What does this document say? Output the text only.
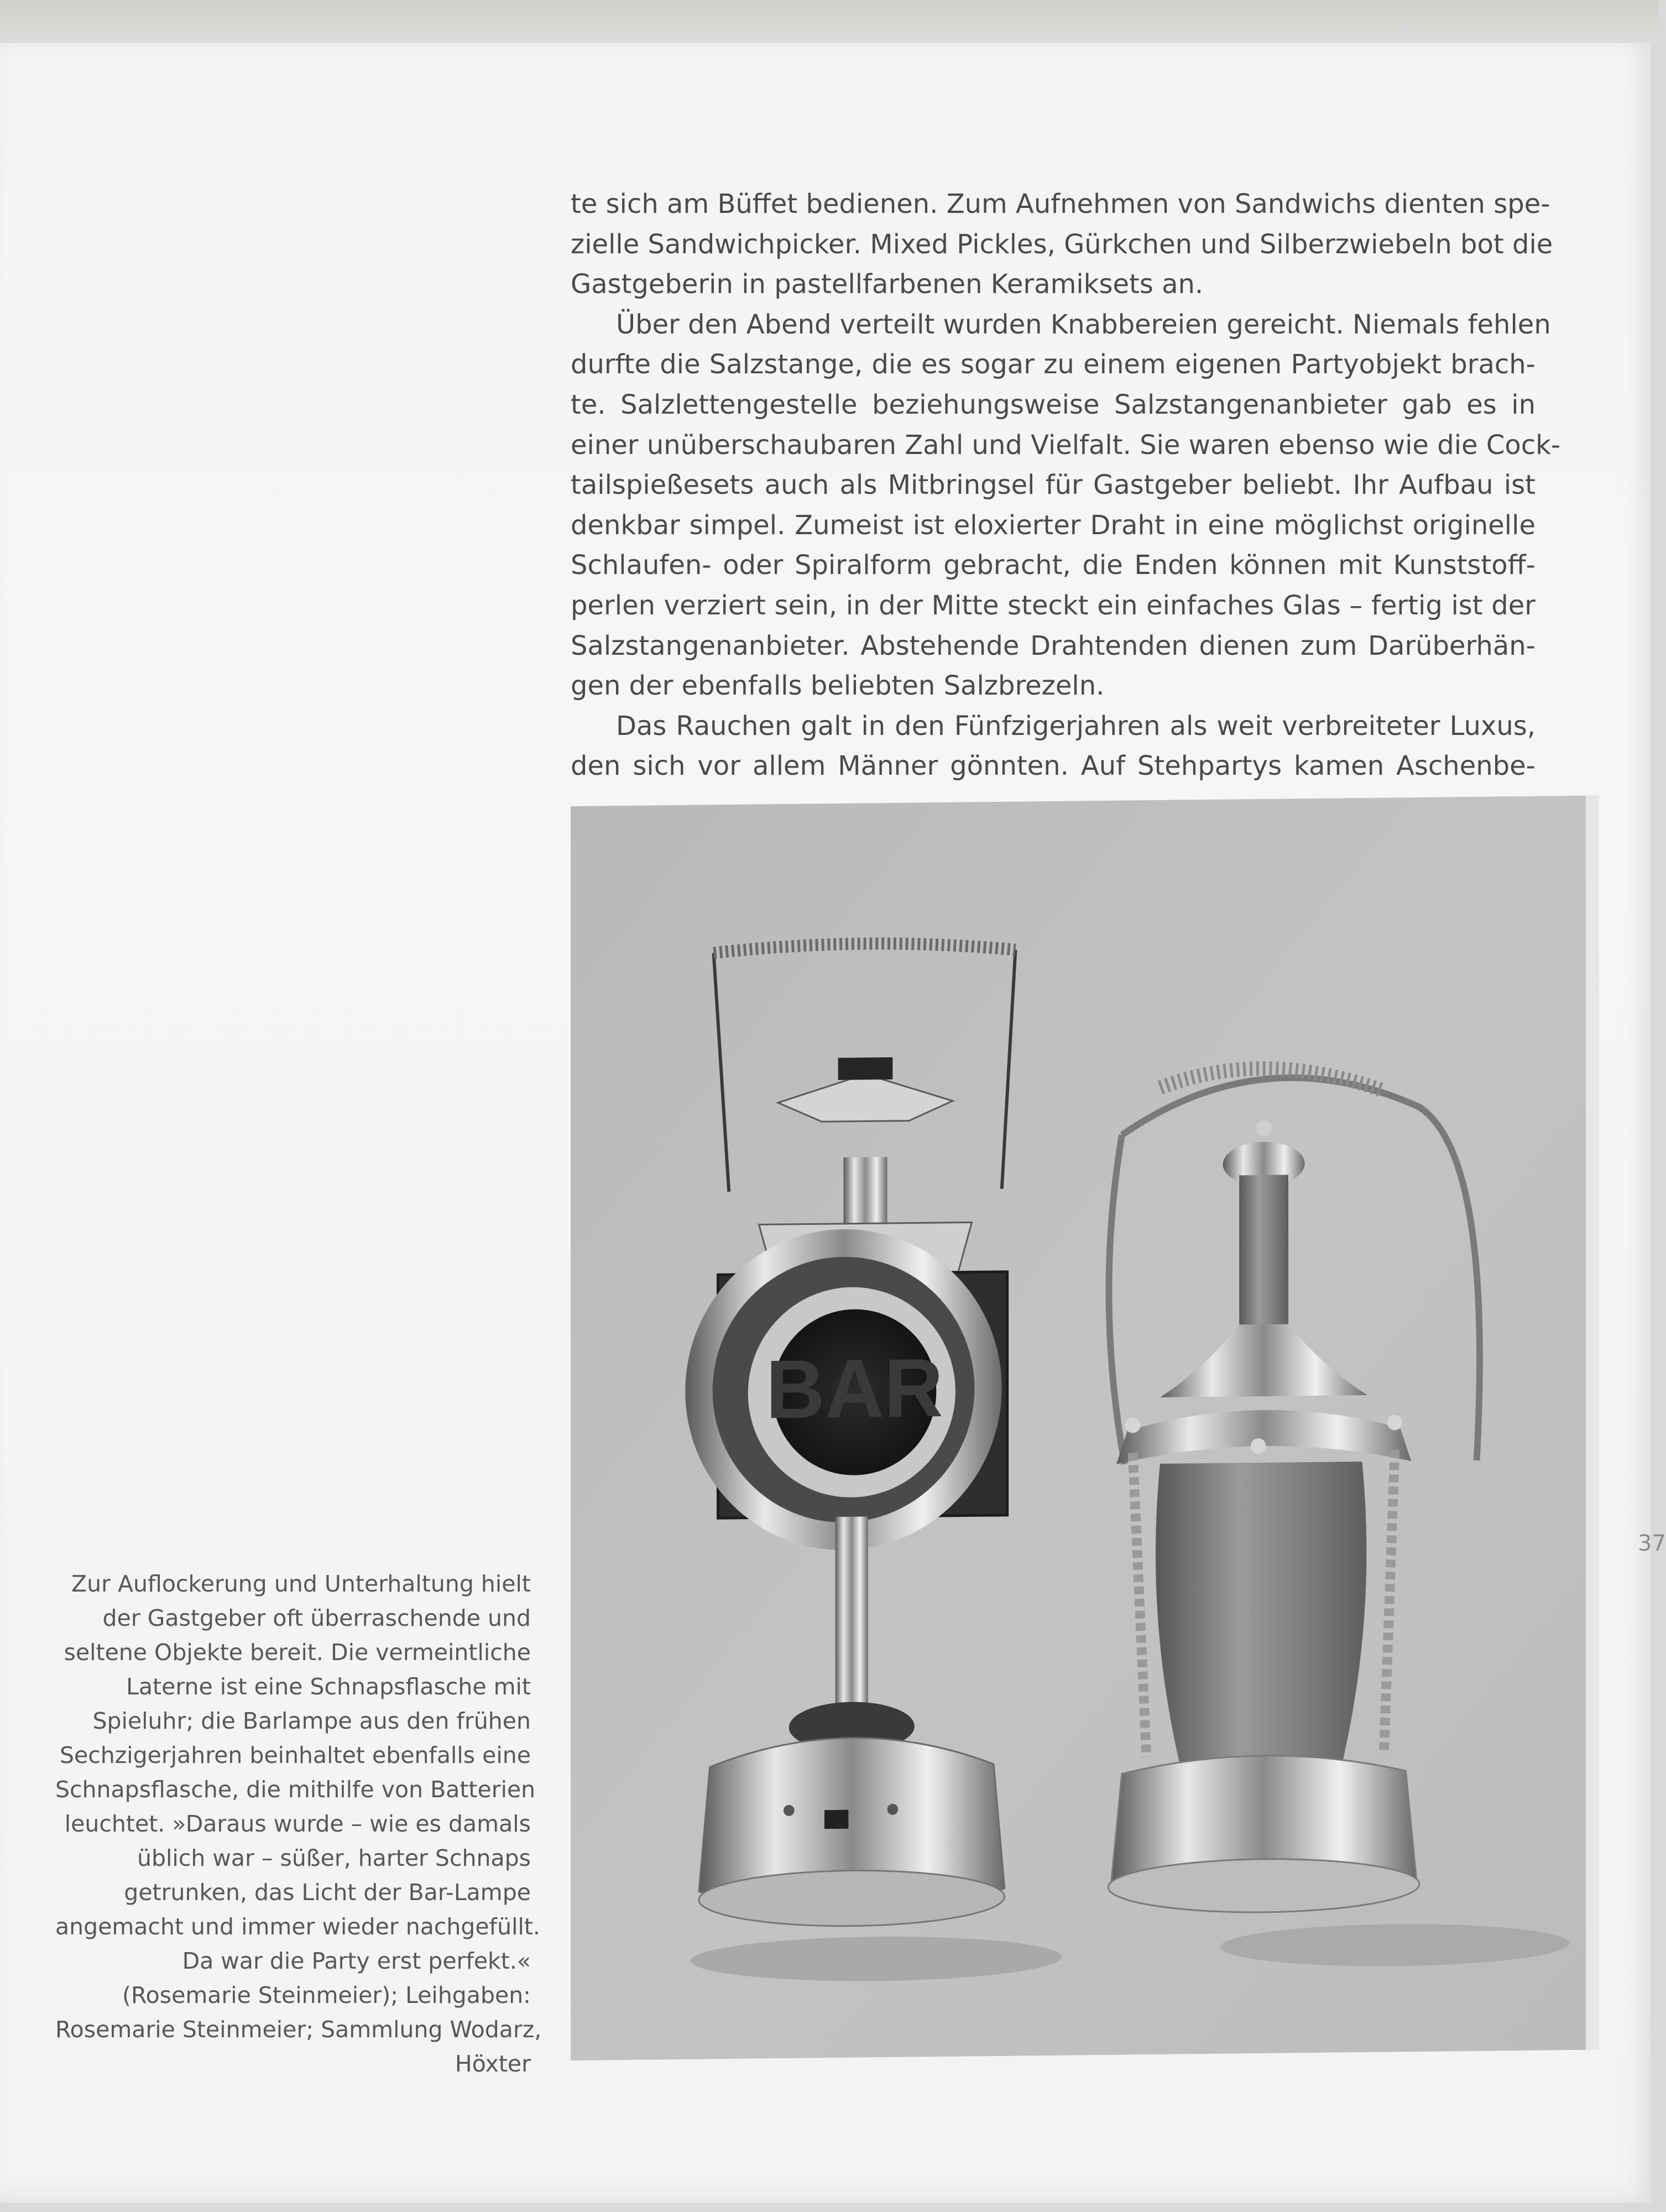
te sich am Büffet bedienen. Zum Aufnehmen von Sandwichs dienten spe-
zielle Sandwichpicker. Mixed Pickles, Gürkchen und Silberzwiebeln bot die
Gastgeberin in pastellfarbenen Keramiksets an.
Über den Abend verteilt wurden Knabbereien gereicht. Niemals fehlen
durfte die Salzstange, die es sogar zu einem eigenen Partyobjekt brach-
te. Salzlettengestelle beziehungsweise Salzstangenanbieter gab es in
einer unüberschaubaren Zahl und Vielfalt. Sie waren ebenso wie die Cock-
tailspießesets auch als Mitbringsel für Gastgeber beliebt. Ihr Aufbau ist
denkbar simpel. Zumeist ist eloxierter Draht in eine möglichst originelle
Schlaufen- oder Spiralform gebracht, die Enden können mit Kunststoff-
perlen verziert sein, in der Mitte steckt ein einfaches Glas – fertig ist der
Salzstangenanbieter. Abstehende Drahtenden dienen zum Darüberhän-
gen der ebenfalls beliebten Salzbrezeln.
Das Rauchen galt in den Fünfzigerjahren als weit verbreiteter Luxus,
den sich vor allem Männer gönnten. Auf Stehpartys kamen Aschenbe-
BAR
Zur Auflockerung und Unterhaltung hielt
der Gastgeber oft überraschende und
seltene Objekte bereit. Die vermeintliche
Laterne ist eine Schnapsflasche mit
Spieluhr; die Barlampe aus den frühen
Sechzigerjahren beinhaltet ebenfalls eine
Schnapsflasche, die mithilfe von Batterien
leuchtet. »Daraus wurde – wie es damals
üblich war – süßer, harter Schnaps
getrunken, das Licht der Bar-Lampe
angemacht und immer wieder nachgefüllt.
Da war die Party erst perfekt.«
(Rosemarie Steinmeier); Leihgaben:
Rosemarie Steinmeier; Sammlung Wodarz,
Höxter
37
